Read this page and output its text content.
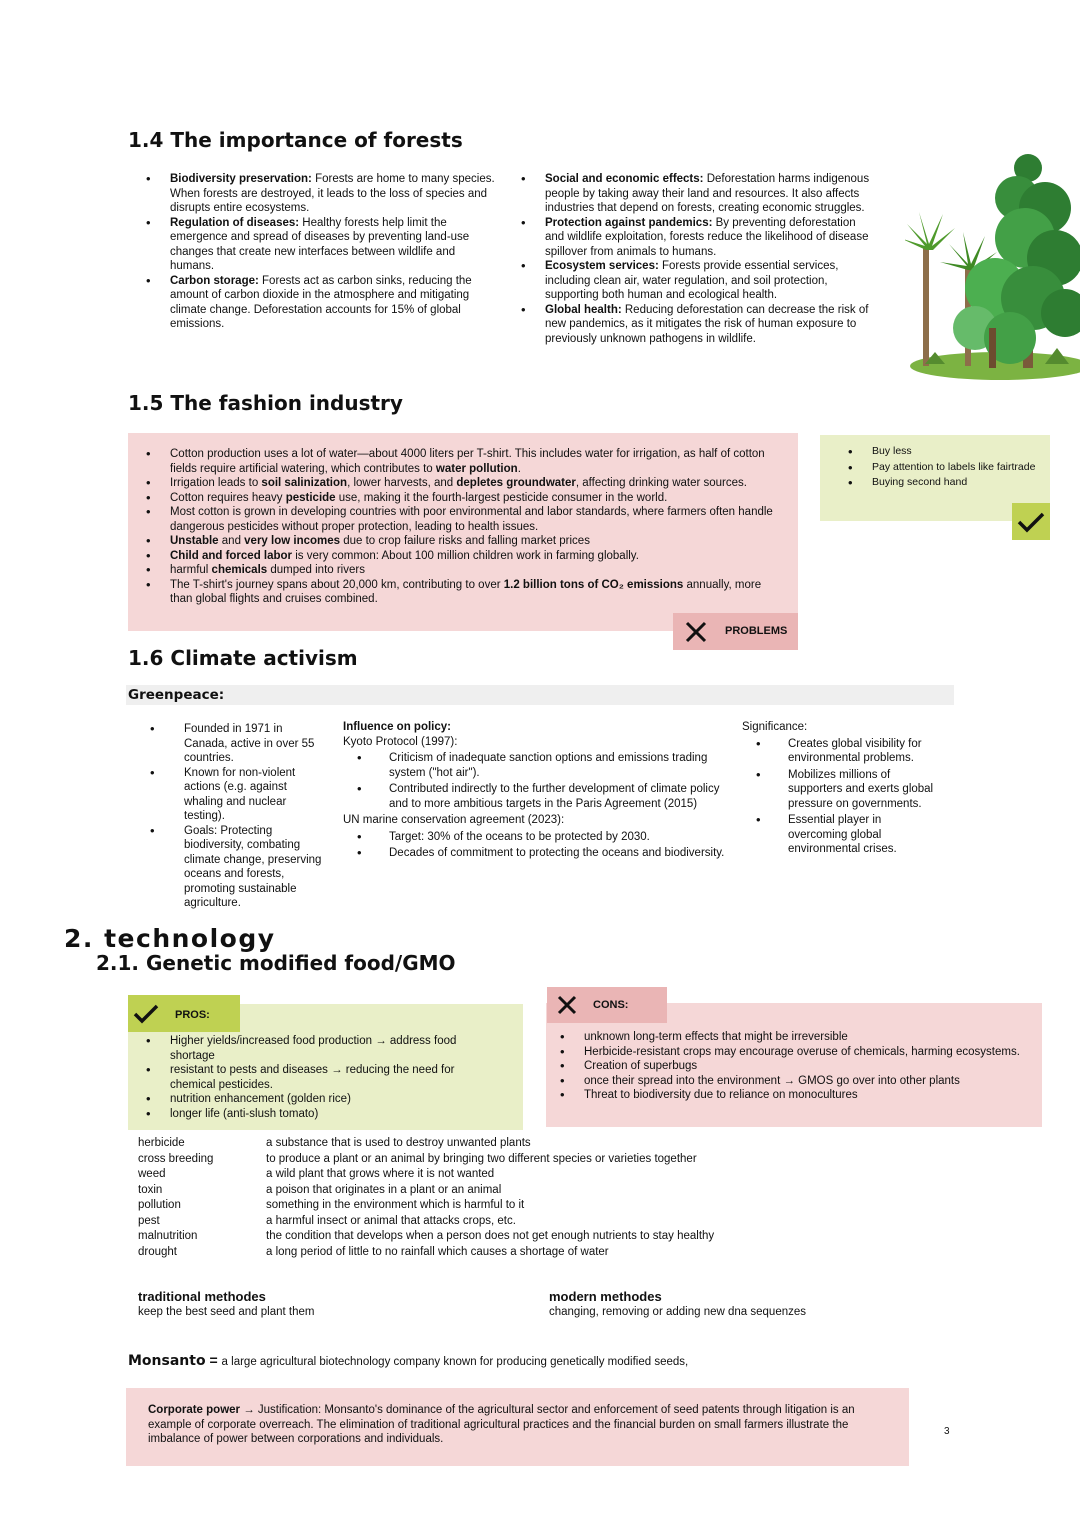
1.4 The importance of forests
• Biodiversity preservation: Forests are home to many species. When forests are destroyed, it leads to the loss of species and disrupts entire ecosystems.
• Regulation of diseases: Healthy forests help limit the emergence and spread of diseases by preventing land-use changes that create new interfaces between wildlife and humans.
• Carbon storage: Forests act as carbon sinks, reducing the amount of carbon dioxide in the atmosphere and mitigating climate change. Deforestation accounts for 15% of global emissions.
• Social and economic effects: Deforestation harms indigenous people by taking away their land and resources. It also affects industries that depend on forests, creating economic struggles.
• Protection against pandemics: By preventing deforestation and wildlife exploitation, forests reduce the likelihood of disease spillover from animals to humans.
• Ecosystem services: Forests provide essential services, including clean air, water regulation, and soil protection, supporting both human and ecological health.
• Global health: Reducing deforestation can decrease the risk of new pandemics, as it mitigates the risk of human exposure to previously unknown pathogens in wildlife.
1.5 The fashion industry
• Cotton production uses a lot of water—about 4000 liters per T-shirt. This includes water for irrigation, as half of cotton fields require artificial watering, which contributes to water pollution.
• Irrigation leads to soil salinization, lower harvests, and depletes groundwater, affecting drinking water sources.
• Cotton requires heavy pesticide use, making it the fourth-largest pesticide consumer in the world.
• Most cotton is grown in developing countries with poor environmental and labor standards, where farmers often handle dangerous pesticides without proper protection, leading to health issues.
• Unstable and very low incomes due to crop failure risks and falling market prices
• Child and forced labor is very common: About 100 million children work in farming globally.
• harmful chemicals dumped into rivers
• The T-shirt's journey spans about 20,000 km, contributing to over 1.2 billion tons of CO₂ emissions annually, more than global flights and cruises combined.
PROBLEMS
• Buy less
• Pay attention to labels like fairtrade
• Buying second hand
1.6 Climate activism
Greenpeace:
• Founded in 1971 in Canada, active in over 55 countries.
• Known for non-violent actions (e.g. against whaling and nuclear testing).
• Goals: Protecting biodiversity, combating climate change, preserving oceans and forests, promoting sustainable agriculture.
Influence on policy:
Kyoto Protocol (1997):
• Criticism of inadequate sanction options and emissions trading system ("hot air").
• Contributed indirectly to the further development of climate policy and to more ambitious targets in the Paris Agreement (2015)
UN marine conservation agreement (2023):
• Target: 30% of the oceans to be protected by 2030.
• Decades of commitment to protecting the oceans and biodiversity.
Significance:
• Creates global visibility for environmental problems.
• Mobilizes millions of supporters and exerts global pressure on governments.
• Essential player in overcoming global environmental crises.
2. technology
2.1. Genetic modified food/GMO
• Higher yields/increased food production → address food shortage
• resistant to pests and diseases → reducing the need for chemical pesticides.
• nutrition enhancement (golden rice)
• longer life (anti-slush tomato)
PROS:
• unknown long-term effects that might be irreversible
• Herbicide-resistant crops may encourage overuse of chemicals, harming ecosystems.
• Creation of superbugs
• once their spread into the environment → GMOS go over into other plants
• Threat to biodiversity due to reliance on monocultures
CONS:
herbicide	a substance that is used to destroy unwanted plants
cross breeding	to produce a plant or an animal by bringing two different species or varieties together
weed	a wild plant that grows where it is not wanted
toxin	a poison that originates in a plant or an animal
pollution	something in the environment which is harmful to it
pest	a harmful insect or animal that attacks crops, etc.
malnutrition	the condition that develops when a person does not get enough nutrients to stay healthy
drought	a long period of little to no rainfall which causes a shortage of water
traditional methodes
keep the best seed and plant them
modern methodes
changing, removing or adding new dna sequenzes
Monsanto = a large agricultural biotechnology company known for producing genetically modified seeds,
Corporate power → Justification: Monsanto's dominance of the agricultural sector and enforcement of seed patents through litigation is an example of corporate overreach. The elimination of traditional agricultural practices and the financial burden on small farmers illustrate the imbalance of power between corporations and individuals.
3
